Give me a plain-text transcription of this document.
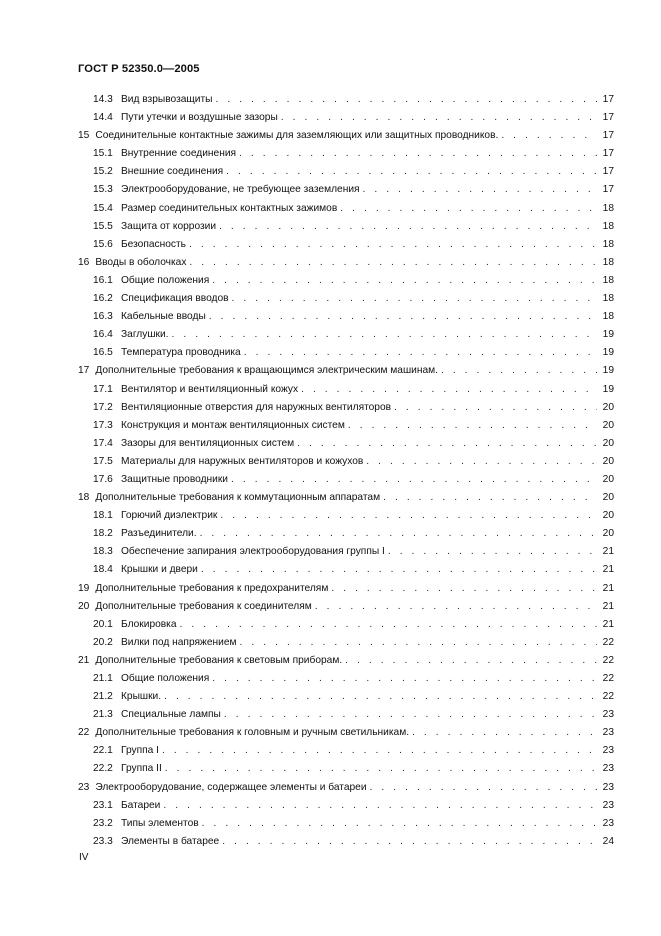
ГОСТ Р 52350.0—2005
14.3 Вид взрывозащиты . . .	17
14.4 Пути утечки и воздушные зазоры . . .	17
15 Соединительные контактные зажимы для заземляющих или защитных проводников. . . .	17
15.1 Внутренние соединения . . .	17
15.2 Внешние соединения . . .	17
15.3 Электрооборудование, не требующее заземления . . .	17
15.4 Размер соединительных контактных зажимов . . .	18
15.5 Защита от коррозии . . .	18
15.6 Безопасность . . .	18
16 Вводы в оболочках . . .	18
16.1 Общие положения . . .	18
16.2 Спецификация вводов . . .	18
16.3 Кабельные вводы . . .	18
16.4 Заглушки. . . .	19
16.5 Температура проводника . . .	19
17 Дополнительные требования к вращающимся электрическим машинам. . . .	19
17.1 Вентилятор и вентиляционный кожух . . .	19
17.2 Вентиляционные отверстия для наружных вентиляторов . . .	20
17.3 Конструкция и монтаж вентиляционных систем . . .	20
17.4 Зазоры для вентиляционных систем . . .	20
17.5 Материалы для наружных вентиляторов и кожухов . . .	20
17.6 Защитные проводники . . .	20
18 Дополнительные требования к коммутационным аппаратам . . .	20
18.1 Горючий диэлектрик . . .	20
18.2 Разъединители. . . .	20
18.3 Обеспечение запирания электрооборудования группы I . . .	21
18.4 Крышки и двери . . .	21
19 Дополнительные требования к предохранителям . . .	21
20 Дополнительные требования к соединителям . . .	21
20.1 Блокировка . . .	21
20.2 Вилки под напряжением . . .	22
21 Дополнительные требования к световым приборам. . . .	22
21.1 Общие положения . . .	22
21.2 Крышки. . . .	22
21.3 Специальные лампы . . .	23
22 Дополнительные требования к головным и ручным светильникам. . . .	23
22.1 Группа I . . .	23
22.2 Группа II . . .	23
23 Электрооборудование, содержащее элементы и батареи . . .	23
23.1 Батареи . . .	23
23.2 Типы элементов . . .	23
23.3 Элементы в батарее . . .	24
IV
